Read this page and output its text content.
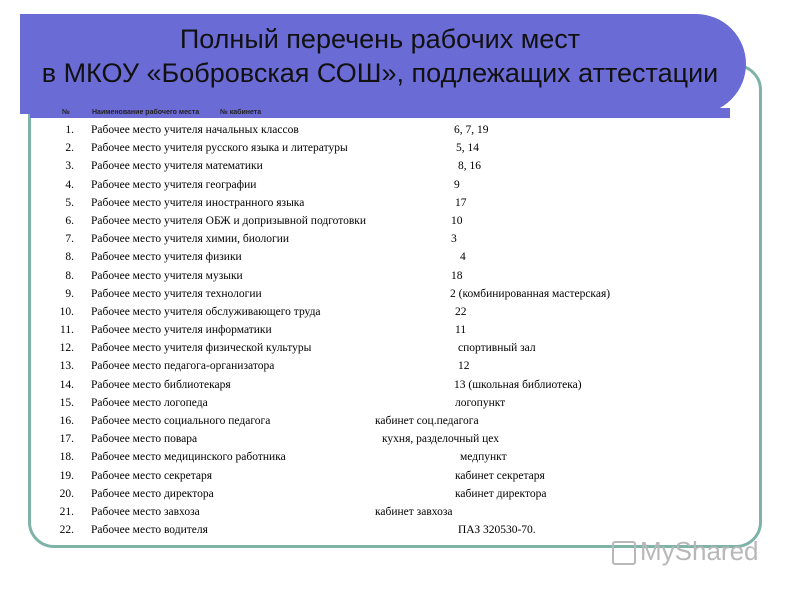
Полный перечень рабочих мест
в МКОУ «Бобровская СОШ», подлежащих аттестации
№	Наименование рабочего места	№ кабинета
1. Рабочее место учителя начальных классов	6, 7, 19
2. Рабочее место учителя русского языка и литературы	5, 14
3. Рабочее место учителя математики	8, 16
4. Рабочее место учителя географии	9
5. Рабочее место учителя иностранного языка	17
6. Рабочее место учителя ОБЖ и допризывной подготовки	10
7. Рабочее место учителя химии, биологии	3
8. Рабочее место учителя физики	4
8. Рабочее место учителя музыки	18
9. Рабочее место учителя технологии	2 (комбинированная мастерская)
10. Рабочее место учителя обслуживающего труда	22
11. Рабочее место учителя информатики	11
12. Рабочее место учителя физической культуры	спортивный зал
13. Рабочее место педагога-организатора	12
14. Рабочее место библиотекаря	13 (школьная библиотека)
15. Рабочее место логопеда	логопункт
16. Рабочее место социального педагога	кабинет соц.педагога
17. Рабочее место повара	кухня, разделочный цех
18. Рабочее место медицинского работника	медпункт
19. Рабочее место секретаря	кабинет секретаря
20. Рабочее место директора	кабинет директора
21. Рабочее место завхоза	кабинет завхоза
22. Рабочее место водителя	ПАЗ 320530-70.
MyShared
